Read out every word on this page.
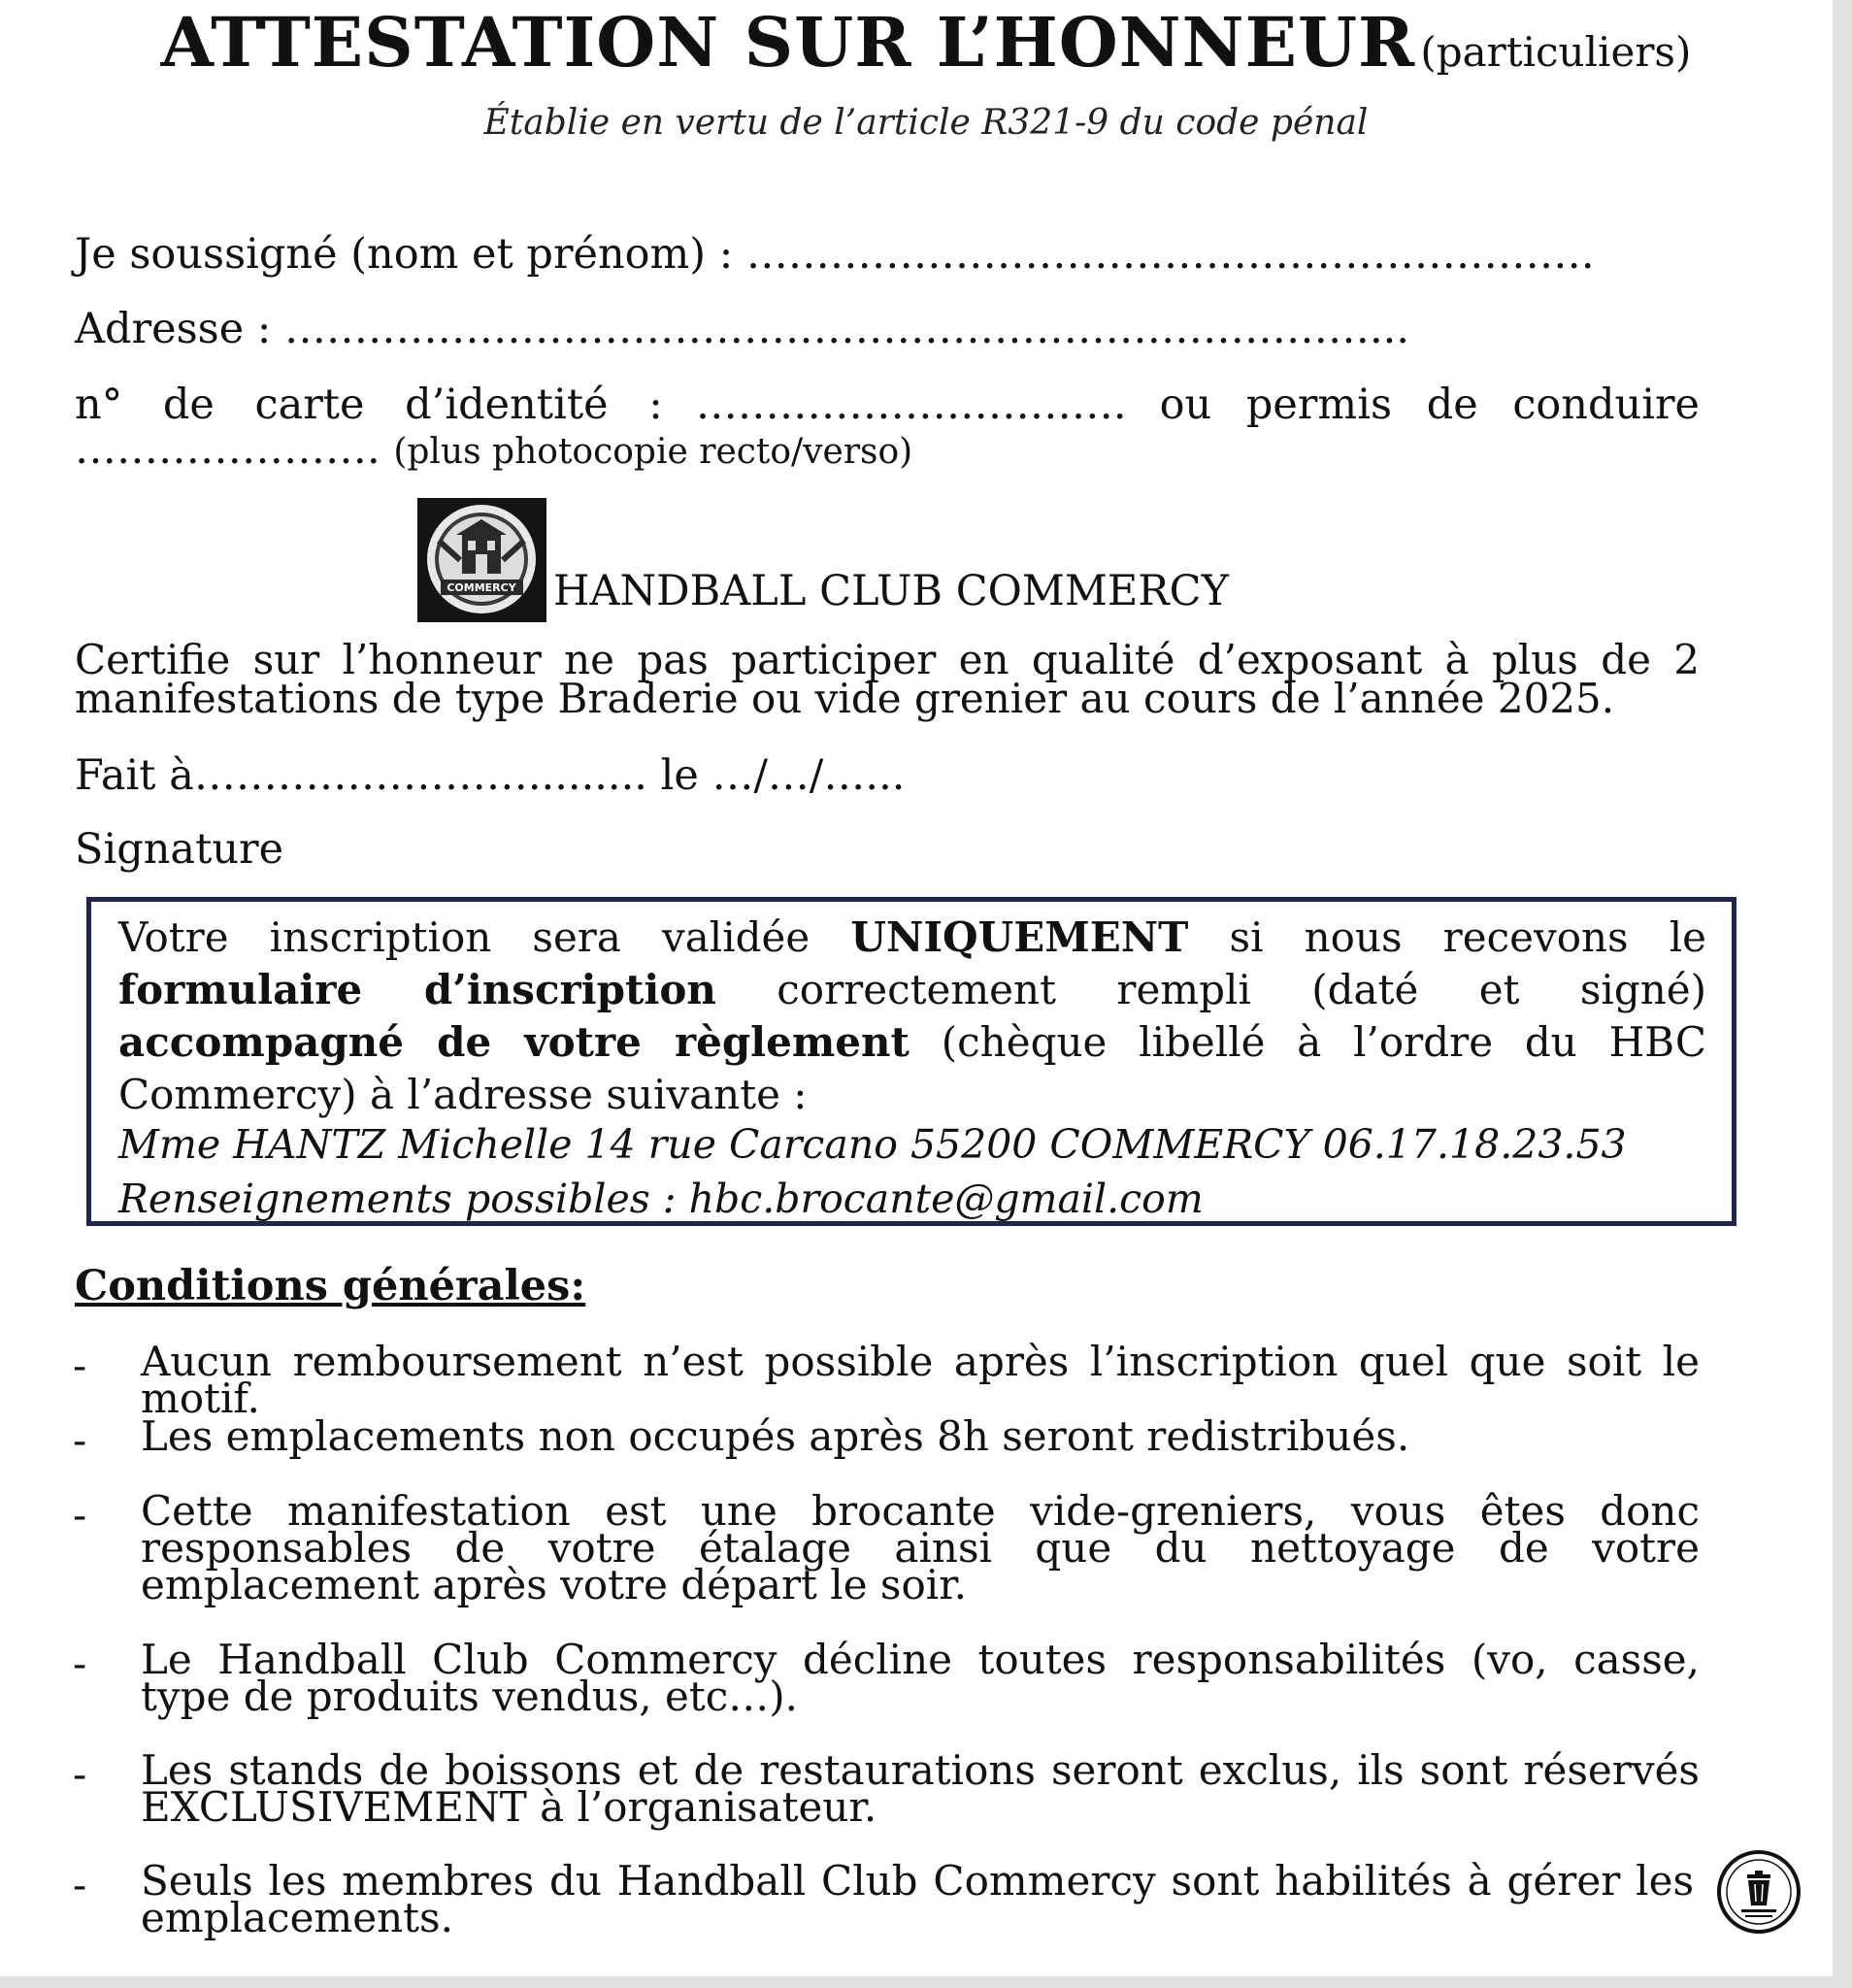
ATTESTATION SUR L’HONNEUR (particuliers)
Établie en vertu de l’article R321-9 du code pénal
Je soussigné (nom et prénom) : …………………………………………………….
Adresse : ……………………………………………………………………...
n° de carte d’identité : …………………………. ou permis de conduire
…………………. (plus photocopie recto/verso)
COMMERCY HANDBALL CLUB COMMERCY
Certifie sur l’honneur ne pas participer en qualité d’exposant à plus de 2 manifestations de type Braderie ou vide grenier au cours de l’année 2025.
Fait à……………………......... le …/…/…...
Signature
Votre inscription sera validée UNIQUEMENT si nous recevons le formulaire d’inscription correctement rempli (daté et signé) accompagné de votre règlement (chèque libellé à l’ordre du HBC Commercy) à l’adresse suivante :
Mme HANTZ Michelle 14 rue Carcano 55200 COMMERCY 06.17.18.23.53
Renseignements possibles : hbc.brocante@gmail.com
Conditions générales:
- Aucun remboursement n’est possible après l’inscription quel que soit le motif.
- Les emplacements non occupés après 8h seront redistribués.
- Cette manifestation est une brocante vide-greniers, vous êtes donc responsables de votre étalage ainsi que du nettoyage de votre emplacement après votre départ le soir.
- Le Handball Club Commercy décline toutes responsabilités (vo, casse, type de produits vendus, etc…).
- Les stands de boissons et de restaurations seront exclus, ils sont réservés EXCLUSIVEMENT à l’organisateur.
- Seuls les membres du Handball Club Commercy sont habilités à gérer les emplacements.
